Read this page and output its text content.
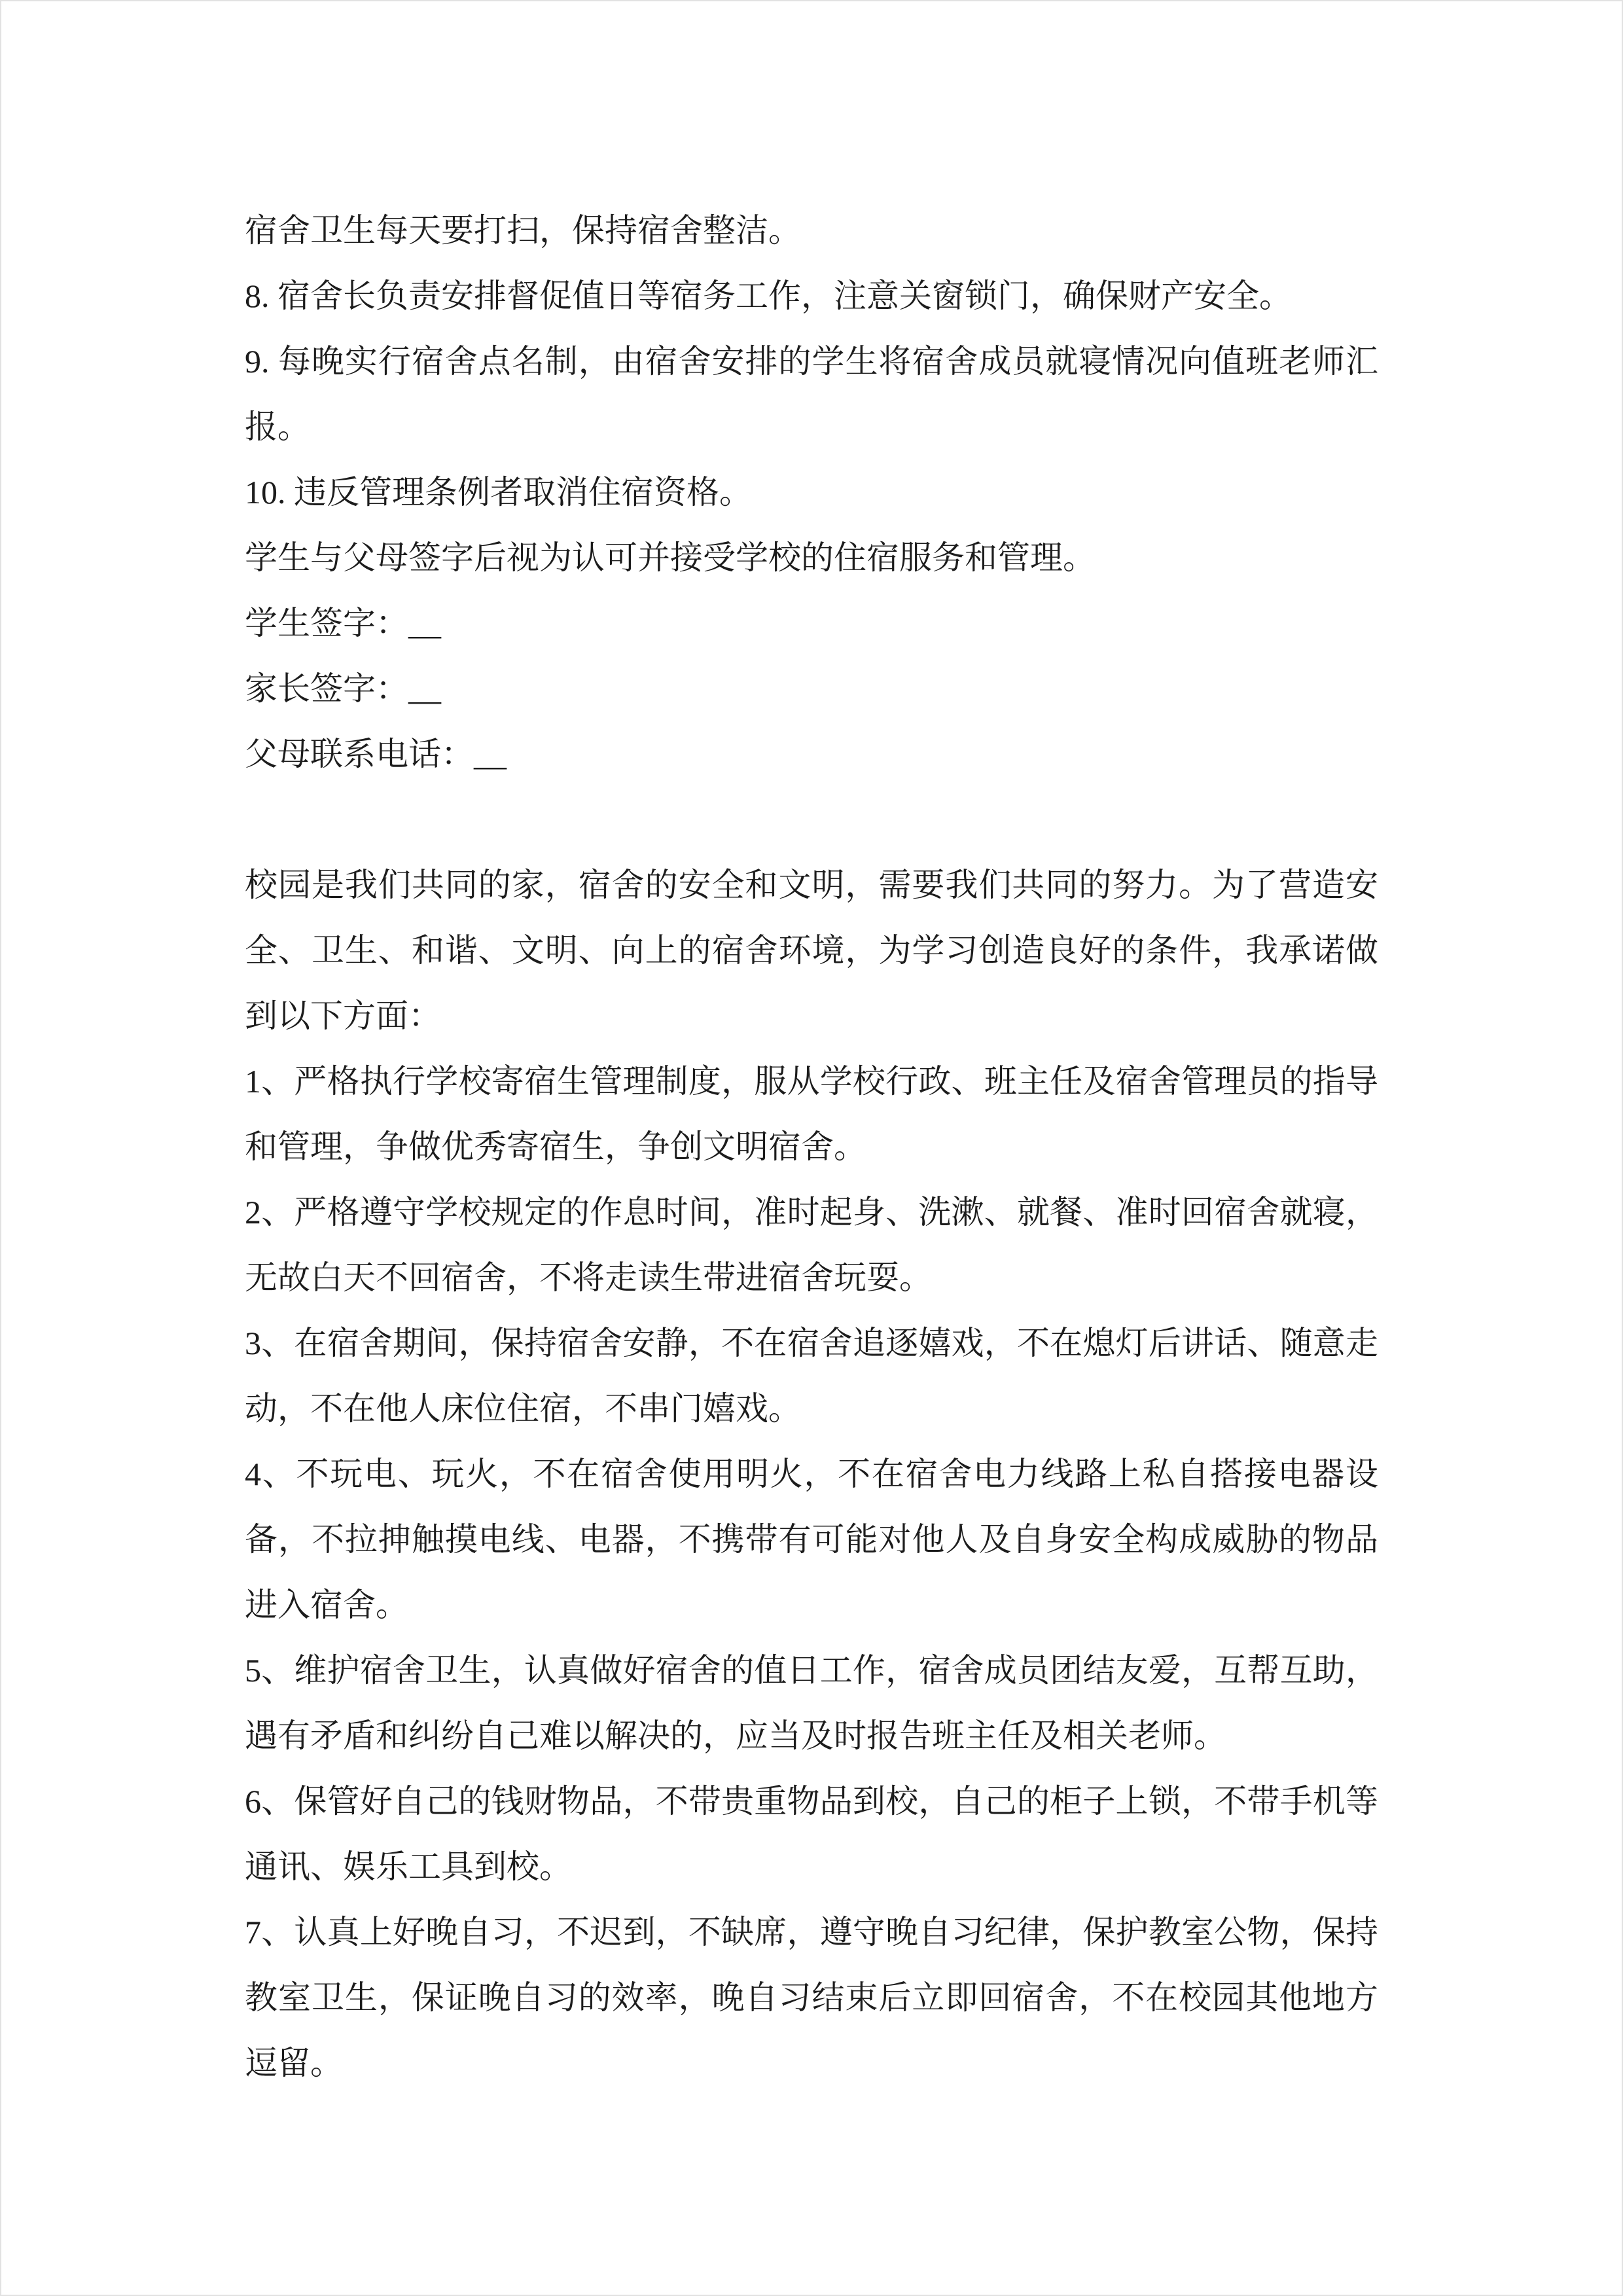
宿舍卫生每天要打扫，保持宿舍整洁。

8. 宿舍长负责安排督促值日等宿务工作，注意关窗锁门，确保财产安全。

9. 每晚实行宿舍点名制，由宿舍安排的学生将宿舍成员就寝情况向值班老师汇报。

10. 违反管理条例者取消住宿资格。

学生与父母签字后视为认可并接受学校的住宿服务和管理。

学生签字：__

家长签字：__

父母联系电话：__

校园是我们共同的家，宿舍的安全和文明，需要我们共同的努力。为了营造安全、卫生、和谐、文明、向上的宿舍环境，为学习创造良好的条件，我承诺做到以下方面：

1、严格执行学校寄宿生管理制度，服从学校行政、班主任及宿舍管理员的指导和管理，争做优秀寄宿生，争创文明宿舍。

2、严格遵守学校规定的作息时间，准时起身、洗漱、就餐、准时回宿舍就寝，无故白天不回宿舍，不将走读生带进宿舍玩耍。

3、在宿舍期间，保持宿舍安静，不在宿舍追逐嬉戏，不在熄灯后讲话、随意走动，不在他人床位住宿，不串门嬉戏。

4、不玩电、玩火，不在宿舍使用明火，不在宿舍电力线路上私自搭接电器设备，不拉抻触摸电线、电器，不携带有可能对他人及自身安全构成威胁的物品进入宿舍。

5、维护宿舍卫生，认真做好宿舍的值日工作，宿舍成员团结友爱，互帮互助，遇有矛盾和纠纷自己难以解决的，应当及时报告班主任及相关老师。

6、保管好自己的钱财物品，不带贵重物品到校，自己的柜子上锁，不带手机等通讯、娱乐工具到校。

7、认真上好晚自习，不迟到，不缺席，遵守晚自习纪律，保护教室公物，保持教室卫生，保证晚自习的效率，晚自习结束后立即回宿舍，不在校园其他地方逗留。
